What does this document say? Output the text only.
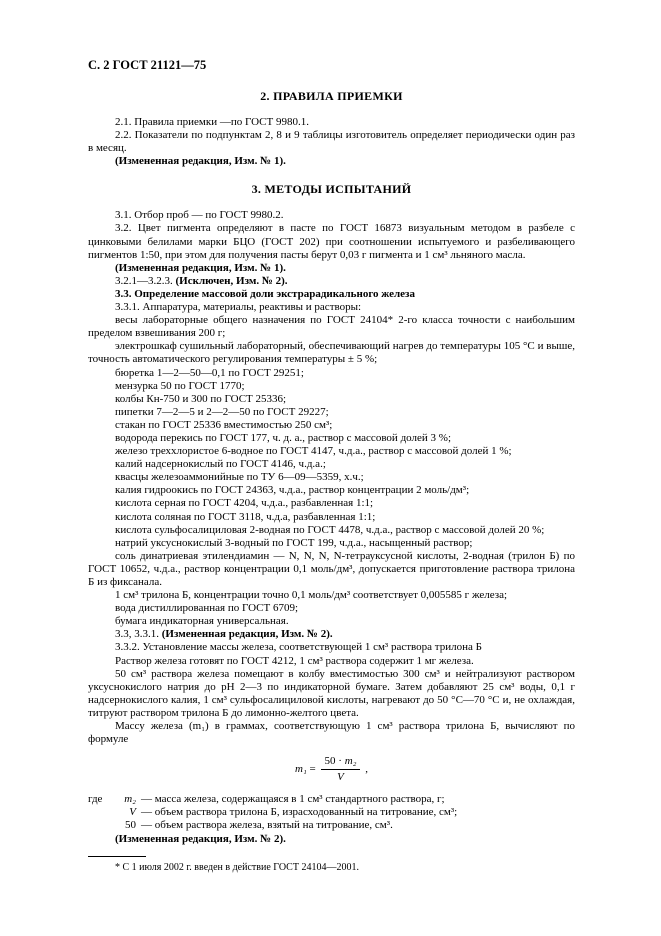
С. 2 ГОСТ 21121—75
2. ПРАВИЛА ПРИЕМКИ

2.1. Правила приемки —по ГОСТ 9980.1.

2.2. Показатели по подпунктам 2, 8 и 9 таблицы изготовитель определяет периодически один раз в месяц.

(Измененная редакция, Изм. № 1).

3. МЕТОДЫ ИСПЫТАНИЙ

3.1. Отбор проб — по ГОСТ 9980.2.

3.2. Цвет пигмента определяют в пасте по ГОСТ 16873 визуальным методом в разбеле с цинковыми белилами марки БЦО (ГОСТ 202) при соотношении испытуемого и разбеливающего пигментов 1:50, при этом для получения пасты берут 0,03 г пигмента и 1 см³ льняного масла.

(Измененная редакция, Изм. № 1).

3.2.1—3.2.3. (Исключен, Изм. № 2).

3.3. Определение массовой доли экстрарадикального железа

3.3.1. Аппаратура, материалы, реактивы и растворы:

весы лабораторные общего назначения по ГОСТ 24104* 2-го класса точности с наибольшим пределом взвешивания 200 г;

электрошкаф сушильный лабораторный, обеспечивающий нагрев до температуры 105 °С и выше, точность автоматического регулирования температуры ± 5 %;

бюретка 1—2—50—0,1 по ГОСТ 29251;

мензурка 50 по ГОСТ 1770;

колбы Кн-750 и 300 по ГОСТ 25336;

пипетки 7—2—5 и 2—2—50 по ГОСТ 29227;

стакан по ГОСТ 25336 вместимостью 250 см³;

водорода перекись по ГОСТ 177, ч. д. а., раствор с массовой долей 3 %;

железо треххлористое 6-водное по ГОСТ 4147, ч.д.а., раствор с массовой долей 1 %;

калий надсернокислый по ГОСТ 4146, ч.д.а.;

квасцы железоаммонийные по ТУ 6—09—5359, х.ч.;

калия гидроокись по ГОСТ 24363, ч.д.а., раствор концентрации 2 моль/дм³;

кислота серная по ГОСТ 4204, ч.д.а., разбавленная 1:1;

кислота соляная по ГОСТ 3118, ч.д.а, разбавленная 1:1;

кислота сульфосалициловая 2-водная по ГОСТ 4478, ч.д.а., раствор с массовой долей 20 %;

натрий уксуснокислый 3-водный по ГОСТ 199, ч.д.а., насыщенный раствор;

соль динатриевая этилендиамин — N, N, N, N-тетрауксусной кислоты, 2-водная (трилон Б) по ГОСТ 10652, ч.д.а., раствор концентрации 0,1 моль/дм³, допускается приготовление раствора трилона Б из фиксанала.

1 см³ трилона Б, концентрации точно 0,1 моль/дм³ соответствует 0,005585 г железа;

вода дистиллированная по ГОСТ 6709;

бумага индикаторная универсальная.

3.3, 3.3.1. (Измененная редакция, Изм. № 2).

3.3.2. Установление массы железа, соответствующей 1 см³ раствора трилона Б

Раствор железа готовят по ГОСТ 4212, 1 см³ раствора содержит 1 мг железа.

50 см³ раствора железа помещают в колбу вместимостью 300 см³ и нейтрализуют раствором уксуснокислого натрия до рН 2—3 по индикаторной бумаге. Затем добавляют 25 см³ воды, 0,1 г надсернокислого калия, 1 см³ сульфосалициловой кислоты, нагревают до 50 °С—70 °С и, не охлаждая, титруют раствором трилона Б до лимонно-желтого цвета.

Массу железа (m₁) в граммах, соответствующую 1 см³ раствора трилона Б, вычисляют по формуле

$m_1 = \frac{\text{50 · m₂}}{V}$ ,
где	m₂ — масса железа, содержащаяся в 1 см³ стандартного раствора, г;
V — объем раствора трилона Б, израсходованный на титрование, см³;
50 — объем раствора железа, взятый на титрование, см³.

(Измененная редакция, Изм. № 2).

* С 1 июля 2002 г. введен в действие ГОСТ 24104—2001.
